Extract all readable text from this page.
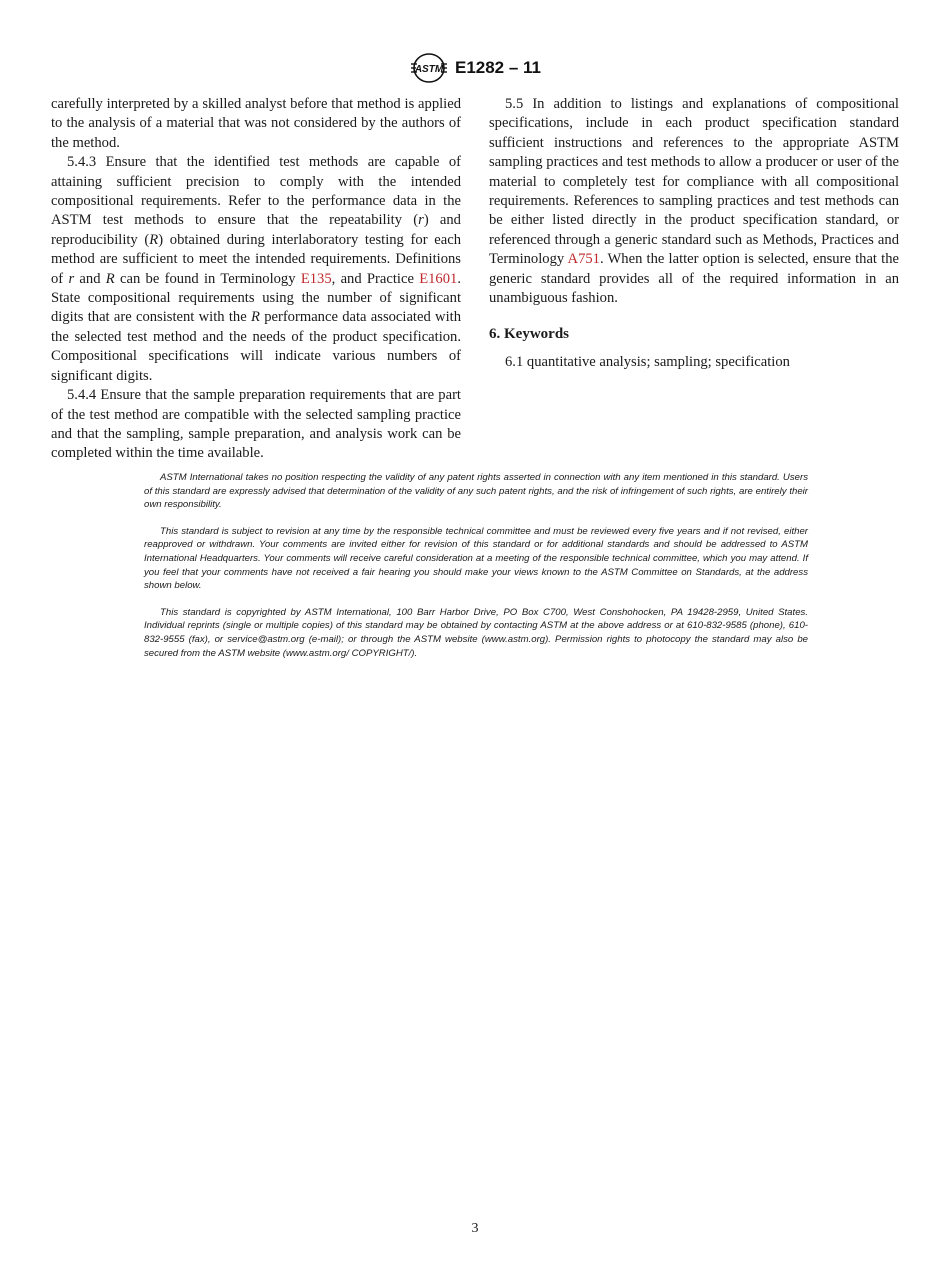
ASTM E1282 – 11

carefully interpreted by a skilled analyst before that method is applied to the analysis of a material that was not considered by the authors of the method.

5.4.3 Ensure that the identified test methods are capable of attaining sufficient precision to comply with the intended compositional requirements. Refer to the performance data in the ASTM test methods to ensure that the repeatability (r) and reproducibility (R) obtained during interlaboratory testing for each method are sufficient to meet the intended requirements. Definitions of r and R can be found in Terminology E135, and Practice E1601. State compositional requirements using the number of significant digits that are consistent with the R performance data associated with the selected test method and the needs of the product specification. Compositional specifications will indicate various numbers of significant digits.

5.4.4 Ensure that the sample preparation requirements that are part of the test method are compatible with the selected sampling practice and that the sampling, sample preparation, and analysis work can be completed within the time available.

5.5 In addition to listings and explanations of compositional specifications, include in each product specification standard sufficient instructions and references to the appropriate ASTM sampling practices and test methods to allow a producer or user of the material to completely test for compliance with all compositional requirements. References to sampling practices and test methods can be either listed directly in the product specification standard, or referenced through a generic standard such as Methods, Practices and Terminology A751. When the latter option is selected, ensure that the generic standard provides all of the required information in an unambiguous fashion.

6. Keywords

6.1 quantitative analysis; sampling; specification

ASTM International takes no position respecting the validity of any patent rights asserted in connection with any item mentioned in this standard. Users of this standard are expressly advised that determination of the validity of any such patent rights, and the risk of infringement of such rights, are entirely their own responsibility.

This standard is subject to revision at any time by the responsible technical committee and must be reviewed every five years and if not revised, either reapproved or withdrawn. Your comments are invited either for revision of this standard or for additional standards and should be addressed to ASTM International Headquarters. Your comments will receive careful consideration at a meeting of the responsible technical committee, which you may attend. If you feel that your comments have not received a fair hearing you should make your views known to the ASTM Committee on Standards, at the address shown below.

This standard is copyrighted by ASTM International, 100 Barr Harbor Drive, PO Box C700, West Conshohocken, PA 19428-2959, United States. Individual reprints (single or multiple copies) of this standard may be obtained by contacting ASTM at the above address or at 610-832-9585 (phone), 610-832-9555 (fax), or service@astm.org (e-mail); or through the ASTM website (www.astm.org). Permission rights to photocopy the standard may also be secured from the ASTM website (www.astm.org/ COPYRIGHT/).

3
